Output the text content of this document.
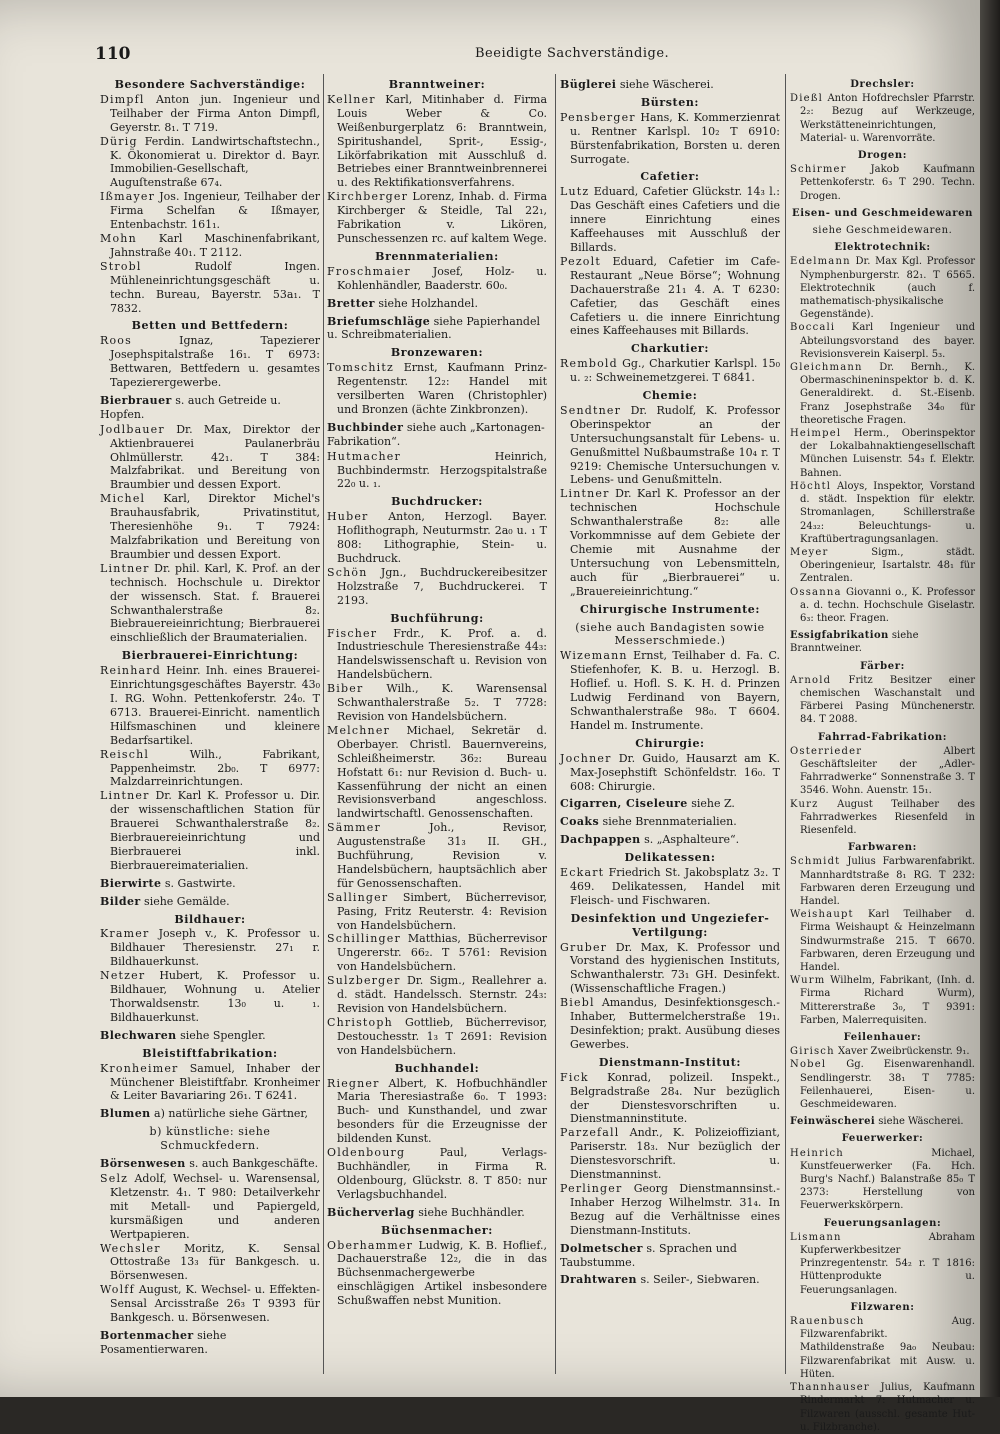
110	Beeidigte Sachverständige.
Besondere Sachverständige:
Dimpfl Anton jun. Ingenieur und Teilhaber der Firma Anton Dimpfl, Geyerstr. 8₁. T 719.
Dürig Ferdin. Landwirtschaftstechn., K. Ökonomierat u. Direktor d. Bayr. Immobilien-Gesellschaft, Auguſtenstraße 67₄.
Ißmayer Jos. Ingenieur, Teilhaber der Firma Schelfan & Ißmayer, Entenbachstr. 161₁.
Mohn Karl Maschinenfabrikant, Jahnstraße 40₁. T 2112.
Strobl	Rudolf Ingen. Mühleneinrichtungsgeschäft u. techn. Bureau, Bayerstr. 53a₁. T 7832.
Betten und Bettfedern:
Roos	Ignaz, Tapezierer Josephspitalstraße 16₁. T 6973: Bettwaren, Bettfedern u. gesamtes Tapezierergewerbe.
Bierbrauer s. auch Getreide u. Hopfen.
Jodlbauer Dr. Max, Direktor der Aktienbrauerei Paulanerbräu Ohlmüllerstr. 42₁. T 384: Malzfabrikat. und Bereitung von Braumbier und dessen Export.
Michel Karl, Direktor Michel's Brauhausfabrik, Privatinstitut, Theresienhöhe 9₁. T 7924: Malzfabrikation und Bereitung von Braumbier und dessen Export.
Lintner Dr. phil. Karl, K. Prof. an der technisch. Hochschule u. Direktor der wissensch. Stat. f. Brauerei Schwanthalerstraße 8₂. Biebrauereieinrichtung; Bierbrauerei einschließlich der Braumaterialien.
Bierbrauerei-Einrichtung:
Reinhard Heinr. Inh. eines Brauerei-Einrichtungsgeschäftes Bayerstr. 43₀ I. RG. Wohn. Pettenkoferstr. 24₀. T 6713. Brauerei-Einricht. namentlich Hilfsmaschinen und kleinere Bedarfsartikel.
Reischl	Wilh., Fabrikant, Pappenheimstr. 2b₀. T 6977: Malzdarreinrichtungen.
Lintner Dr. Karl K. Professor u. Dir. der wissenschaftlichen Station für Brauerei Schwanthalerstraße 8₂. Bierbrauereieinrichtung und Bierbrauerei inkl. Bierbrauereimaterialien.
Bierwirte s. Gastwirte.
Bilder siehe Gemälde.
Bildhauer:
Kramer Joseph v., K. Professor u. Bildhauer Theresienstr. 27₁ r. Bildhauerkunst.
Netzer Hubert, K. Professor u. Bildhauer, Wohnung u. Atelier Thorwaldsenstr. 13₀ u. ₁. Bildhauerkunst.
Blechwaren siehe Spengler.
Bleistiftfabrikation:
Kronheimer Samuel, Inhaber der Münchener Bleistiftfabr. Kronheimer & Leiter Bavariaring 26₁. T 6241.
Blumen a) natürliche siehe Gärtner,
b) künstliche: siehe Schmuckfedern.
Börsenwesen s. auch Bankgeschäfte.
Selz Adolf, Wechsel- u. Warensensal, Kletzenstr. 4₁. T 980: Detailverkehr mit Metall- und Papiergeld, kursmäßigen und anderen Wertpapieren.
Wechsler Moritz, K. Sensal Ottostraße 13₃ für Bankgesch. u. Börsenwesen.
Wolff August, K. Wechsel- u. Effekten-Sensal Arcisstraße 26₃ T 9393 für Bankgesch. u. Börsenwesen.
Bortenmacher siehe Posamentierwaren.
Branntweiner:
Kellner Karl, Mitinhaber d. Firma Louis Weber & Co. Weißenburgerplatz 6: Branntwein, Spiritushandel, Sprit-, Essig-, Likörfabrikation mit Ausschluß d. Betriebes einer Branntweinbrennerei u. des Rektifikationsverfahrens.
Kirchberger Lorenz, Inhab. d. Firma Kirchberger & Steidle, Tal 22₁, Fabrikation v. Likören, Punschessenzen rc. auf kaltem Wege.
Brennmaterialien:
Froschmaier Josef, Holz- u. Kohlenhändler, Baaderstr. 60₀.
Bretter siehe Holzhandel.
Briefumschläge siehe Papierhandel u. Schreibmaterialien.
Bronzewaren:
Tomschitz Ernst, Kaufmann Prinz-Regentenstr. 12₂: Handel mit versilberten Waren (Christophler) und Bronzen (ächte Zinkbronzen).
Buchbinder siehe auch „Kartonagen-Fabrikation“.
Hutmacher	Heinrich, Buchbindermstr. Herzogspitalstraße 22₀ u. ₁.
Buchdrucker:
Huber Anton, Herzogl. Bayer. Hoflithograph, Neuturmstr. 2a₀ u. ₁ T 808: Lithographie, Stein- u. Buchdruck.
Schön Jgn., Buchdruckereibesitzer Holzstraße 7, Buchdruckerei. T 2193.
Buchführung:
Fischer Frdr., K. Prof. a. d. Industrieschule Theresienstraße 44₃: Handelswissenschaft u. Revision von Handelsbüchern.
Biber Wilh., K. Warensensal Schwanthalerstraße 5₂. T 7728: Revision von Handelsbüchern.
Melchner Michael, Sekretär d. Oberbayer. Christl. Bauernvereins, Schleißheimerstr. 36₂: Bureau Hofstatt 6₁: nur Revision d. Buch- u. Kassenführung der nicht an einen Revisionsverband angeschloss. landwirtschaftl. Genossenschaften.
Sämmer	Joh., Revisor, Augustenstraße 31₃ II. GH., Buchführung, Revision v. Handelsbüchern, hauptsächlich aber für Genossenschaften.
Sallinger Simbert, Bücherrevisor, Pasing, Fritz Reuterstr. 4: Revision von Handelsbüchern.
Schillinger Matthias, Bücherrevisor Ungererstr. 66₂. T 5761: Revision von Handelsbüchern.
Sulzberger Dr. Sigm., Reallehrer a. d. städt. Handelssch. Sternstr. 24₃: Revision von Handelsbüchern.
Christoph Gottlieb, Bücherrevisor, Destouchesstr. 1₃ T 2691: Revision von Handelsbüchern.
Buchhandel:
Riegner Albert, K. Hofbuchhändler Maria Theresiastraße 6₀. T 1993: Buch- und Kunsthandel, und zwar besonders für die Erzeugnisse der bildenden Kunst.
Oldenbourg	Paul, Verlags-Buchhändler, in Firma R. Oldenbourg, Glückstr. 8. T 850: nur Verlagsbuchhandel.
Bücherverlag siehe Buchhändler.
Büchsenmacher:
Oberhammer Ludwig, K. B. Hoflief., Dachauerstraße 12₂, die in das Büchsenmachergewerbe einschlägigen Artikel insbesondere Schußwaffen nebst Munition.
Büglerei siehe Wäscherei.
Bürsten:
Pensberger Hans, K. Kommerzienrat u. Rentner Karlspl. 10₂ T 6910: Bürstenfabrikation, Borsten u. deren Surrogate.
Cafetier:
Lutz Eduard, Cafetier Glückstr. 14₃ l.: Das Geschäft eines Cafetiers und die innere Einrichtung eines Kaffeehauses mit Ausschluß der Billards.
Pezolt Eduard, Cafetier im Cafe-Restaurant „Neue Börse“; Wohnung Dachauerstraße 21₁ 4. A. T 6230: Cafetier, das Geschäft eines Cafetiers u. die innere Einrichtung eines Kaffeehauses mit Billards.
Charkutier:
Rembold Gg., Charkutier Karlspl. 15₀ u. ₂: Schweinemetzgerei. T 6841.
Chemie:
Sendtner Dr. Rudolf, K. Professor Oberinspektor an der Untersuchungsanstalt für Lebens- u. Genußmittel Nußbaumstraße 10₄ r. T 9219: Chemische Untersuchungen v. Lebens- und Genußmitteln.
Lintner Dr. Karl K. Professor an der technischen Hochschule Schwanthalerstraße 8₂: alle Vorkommnisse auf dem Gebiete der Chemie mit Ausnahme der Untersuchung von Lebensmitteln, auch für „Bierbrauerei“ u. „Brauereieinrichtung.“
Chirurgische Instrumente:
(siehe auch Bandagisten sowie Messerschmiede.)
Wizemann Ernst, Teilhaber d. Fa. C. Stiefenhofer, K. B. u. Herzogl. B. Hoflief. u. Hofl. S. K. H. d. Prinzen Ludwig Ferdinand von Bayern, Schwanthalerstraße 98₀. T 6604. Handel m. Instrumente.
Chirurgie:
Jochner Dr. Guido, Hausarzt am K. Max-Josephstift Schönfeldstr. 16₀. T 608: Chirurgie.
Cigarren, Ciseleure siehe Z.
Coaks siehe Brennmaterialien.
Dachpappen s. „Asphalteure“.
Delikatessen:
Eckart Friedrich St. Jakobsplatz 3₂. T 469. Delikatessen, Handel mit Fleisch- und Fischwaren.
Desinfektion und Ungeziefer-Vertilgung:
Gruber Dr. Max, K. Professor und Vorstand des hygienischen Instituts, Schwanthalerstr. 73₁ GH. Desinfekt. (Wissenschaftliche Fragen.)
Biebl Amandus, Desinfektionsgesch.-Inhaber, Buttermelcherstraße 19₁. Desinfektion; prakt. Ausübung dieses Gewerbes.
Dienstmann-Institut:
Fick Konrad, polizeil. Inspekt., Belgradstraße 28₄. Nur bezüglich der Dienstesvorschriften u. Dienstmanninstitute.
Parzefall Andr., K. Polizeioffiziant, Pariserstr. 18₃. Nur bezüglich der Dienstesvorschrift. u. Dienstmanninst.
Perlinger Georg Dienstmannsinst.-Inhaber Herzog Wilhelmstr. 31₄. In Bezug auf die Verhältnisse eines Dienstmann-Instituts.
Dolmetscher s. Sprachen und Taubstumme.
Drahtwaren s. Seiler-, Siebwaren.
Drechsler:
Dießl Anton Hofdrechsler Pfarrstr. 2₂: Bezug auf Werkzeuge, Werkstätteneinrichtungen, Material- u. Warenvorräte.
Drogen:
Schirmer Jakob Kaufmann Pettenkoferstr. 6₃ T 290. Techn. Drogen.
Eisen- und Geschmeidewaren
siehe Geschmeidewaren.
Elektrotechnik:
Edelmann Dr. Max Kgl. Professor Nymphenburgerstr. 82₁. T 6565. Elektrotechnik (auch f. mathematisch-physikalische Gegenstände).
Boccali Karl Ingenieur und Abteilungsvorstand des bayer. Revisionsverein Kaiserpl. 5₃.
Gleichmann Dr. Bernh., K. Obermaschineninspektor b. d. K. Generaldirekt. d. St.-Eisenb. Franz Josephstraße 34₀ für theoretische Fragen.
Heimpel Herm., Oberinspektor der Lokalbahnaktiengesellschaft München Luisenstr. 54₃ f. Elektr. Bahnen.
Höchtl Aloys, Inspektor, Vorstand d. städt. Inspektion für elektr. Stromanlagen, Schillerstraße 24₃₂: Beleuchtungs- u. Kraftübertragungsanlagen.
Meyer	Sigm., städt. Oberingenieur, Isartalstr. 48₁ für Zentralen.
Ossanna Giovanni o., K. Professor a. d. techn. Hochschule Giselastr. 6₃: theor. Fragen.
Essigfabrikation siehe Branntweiner.
Färber:
Arnold Fritz Besitzer einer chemischen Waschanstalt und Färberei Pasing Münchenerstr. 84. T 2088.
Fahrrad-Fabrikation:
Osterrieder	Albert Geschäftsleiter der „Adler-Fahrradwerke“ Sonnenstraße 3. T 3546. Wohn. Auenstr. 15₁.
Kurz August Teilhaber des Fahrradwerkes Riesenfeld in Riesenfeld.
Farbwaren:
Schmidt Julius Farbwarenfabrikt. Mannhardtstraße 8₁ RG. T 232: Farbwaren deren Erzeugung und Handel.
Weishaupt Karl Teilhaber d. Firma Weishaupt & Heinzelmann Sindwurmstraße 215. T 6670. Farbwaren, deren Erzeugung und Handel.
Wurm Wilhelm, Fabrikant, (Inh. d. Firma Richard Wurm), Mittererstraße 3₀, T 9391: Farben, Malerrequisiten.
Feilenhauer:
Girisch Xaver Zweibrückenstr. 9₁.
Nobel Gg. Eisenwarenhandl. Sendlingerstr. 38₁ T 7785: Feilenhauerei, Eisen- u. Geschmeidewaren.
Feinwäscherei siehe Wäscherei.
Feuerwerker:
Heinrich	Michael, Kunstfeuerwerker (Fa. Hch. Burg's Nachf.) Balanstraße 85₀ T 2373: Herstellung von Feuerwerkskörpern.
Feuerungsanlagen:
Lismann	Abraham Kupferwerkbesitzer Prinzregentenstr. 54₂ r. T 1816: Hüttenprodukte u. Feuerungsanlagen.
Filzwaren:
Rauenbusch	Aug. Filzwarenfabrikt. Mathildenstraße 9a₀ Neubau: Filzwarenfabrikat mit Ausw. u. Hüten.
Thannhauser Julius, Kaufmann Rindermarkt 7: Hutmacher u. Filzwaren (ausschl. gesamte Hut- u. Filzbranche).
